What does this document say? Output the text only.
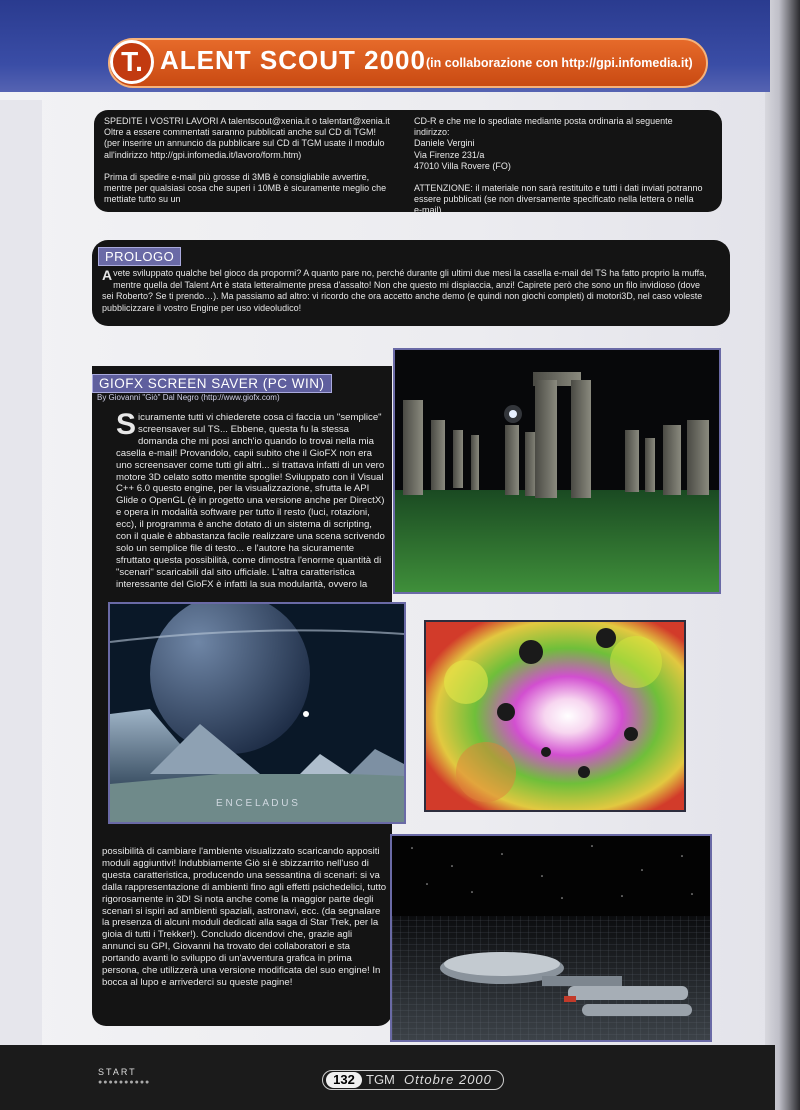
T. ALENT SCOUT 2000 (in collaborazione con http://gpi.infomedia.it)

SPEDITE I VOSTRI LAVORI A talentscout@xenia.it o talentart@xenia.it Oltre a essere commentati saranno pubblicati anche sul CD di TGM! (per inserire un annuncio da pubblicare sul CD di TGM usate il modulo all'indirizzo http://gpi.infomedia.it/lavoro/form.htm)

Prima di spedire e-mail più grosse di 3MB è consigliabile avvertire, mentre per qualsiasi cosa che superi i 10MB è sicuramente meglio che mettiate tutto su un

CD-R e che me lo spediate mediante posta ordinaria al seguente indirizzo:
Daniele Vergini
Via Firenze 231/a
47010 Villa Rovere (FO)
ATTENZIONE: il materiale non sarà restituito e tutti i dati inviati potranno essere pubblicati (se non diversamente specificato nella lettera o nella e-mail).
PROLOGO
Avete sviluppato qualche bel gioco da propormi? A quanto pare no, perché durante gli ultimi due mesi la casella e-mail del TS ha fatto proprio la muffa, mentre quella del Talent Art è stata letteralmente presa d'assalto! Non che questo mi dispiaccia, anzi! Capirete però che sono un filo invidioso (dove sei Roberto? Se ti prendo…). Ma passiamo ad altro: vi ricordo che ora accetto anche demo (e quindi non giochi completi) di motori3D, nel caso voleste pubblicizzare il vostro Engine per uso videoludico!
GIOFX SCREEN SAVER (PC WIN)
By Giovanni "Giò" Dal Negro (http://www.giofx.com)
Sicuramente tutti vi chiederete cosa ci faccia un "semplice" screensaver sul TS... Ebbene, questa fu la stessa domanda che mi posi anch'io quando lo trovai nella mia casella e-mail! Provandolo, capii subito che il GioFX non era uno screensaver come tutti gli altri... si trattava infatti di un vero motore 3D celato sotto mentite spoglie! Sviluppato con il Visual C++ 6.0 questo engine, per la visualizzazione, sfrutta le API Glide o OpenGL (è in progetto una versione anche per DirectX) e opera in modalità software per tutto il resto (luci, rotazioni, ecc), il programma è anche dotato di un sistema di scripting, con il quale è abbastanza facile realizzare una scena scrivendo solo un semplice file di testo... e l'autore ha sicuramente sfruttato questa possibilità, come dimostra l'enorme quantità di "scenari" scaricabili dal sito ufficiale. L'altra caratteristica interessante del GioFX è infatti la sua modularità, ovvero la
possibilità di cambiare l'ambiente visualizzato scaricando appositi moduli aggiuntivi! Indubbiamente Giò si è sbizzarrito nell'uso di questa caratteristica, producendo una sessantina di scenari: si va dalla rappresentazione di ambienti fino agli effetti psichedelici, tutto rigorosamente in 3D! Si nota anche come la maggior parte degli scenari si ispiri ad ambienti spaziali, astronavi, ecc. (da segnalare la presenza di alcuni moduli dedicati alla saga di Star Trek, per la gioia di tutti i Trekker!). Concludo dicendovi che, grazie agli annunci su GPI, Giovanni ha trovato dei collaboratori e sta portando avanti lo sviluppo di un'avventura grafica in prima persona, che utilizzerà una versione modificata del suo engine! In bocca al lupo e arrivederci su queste pagine!
E N C E L A D U S
START
●●●●●●●●●●	132 TGM Ottobre 2000
